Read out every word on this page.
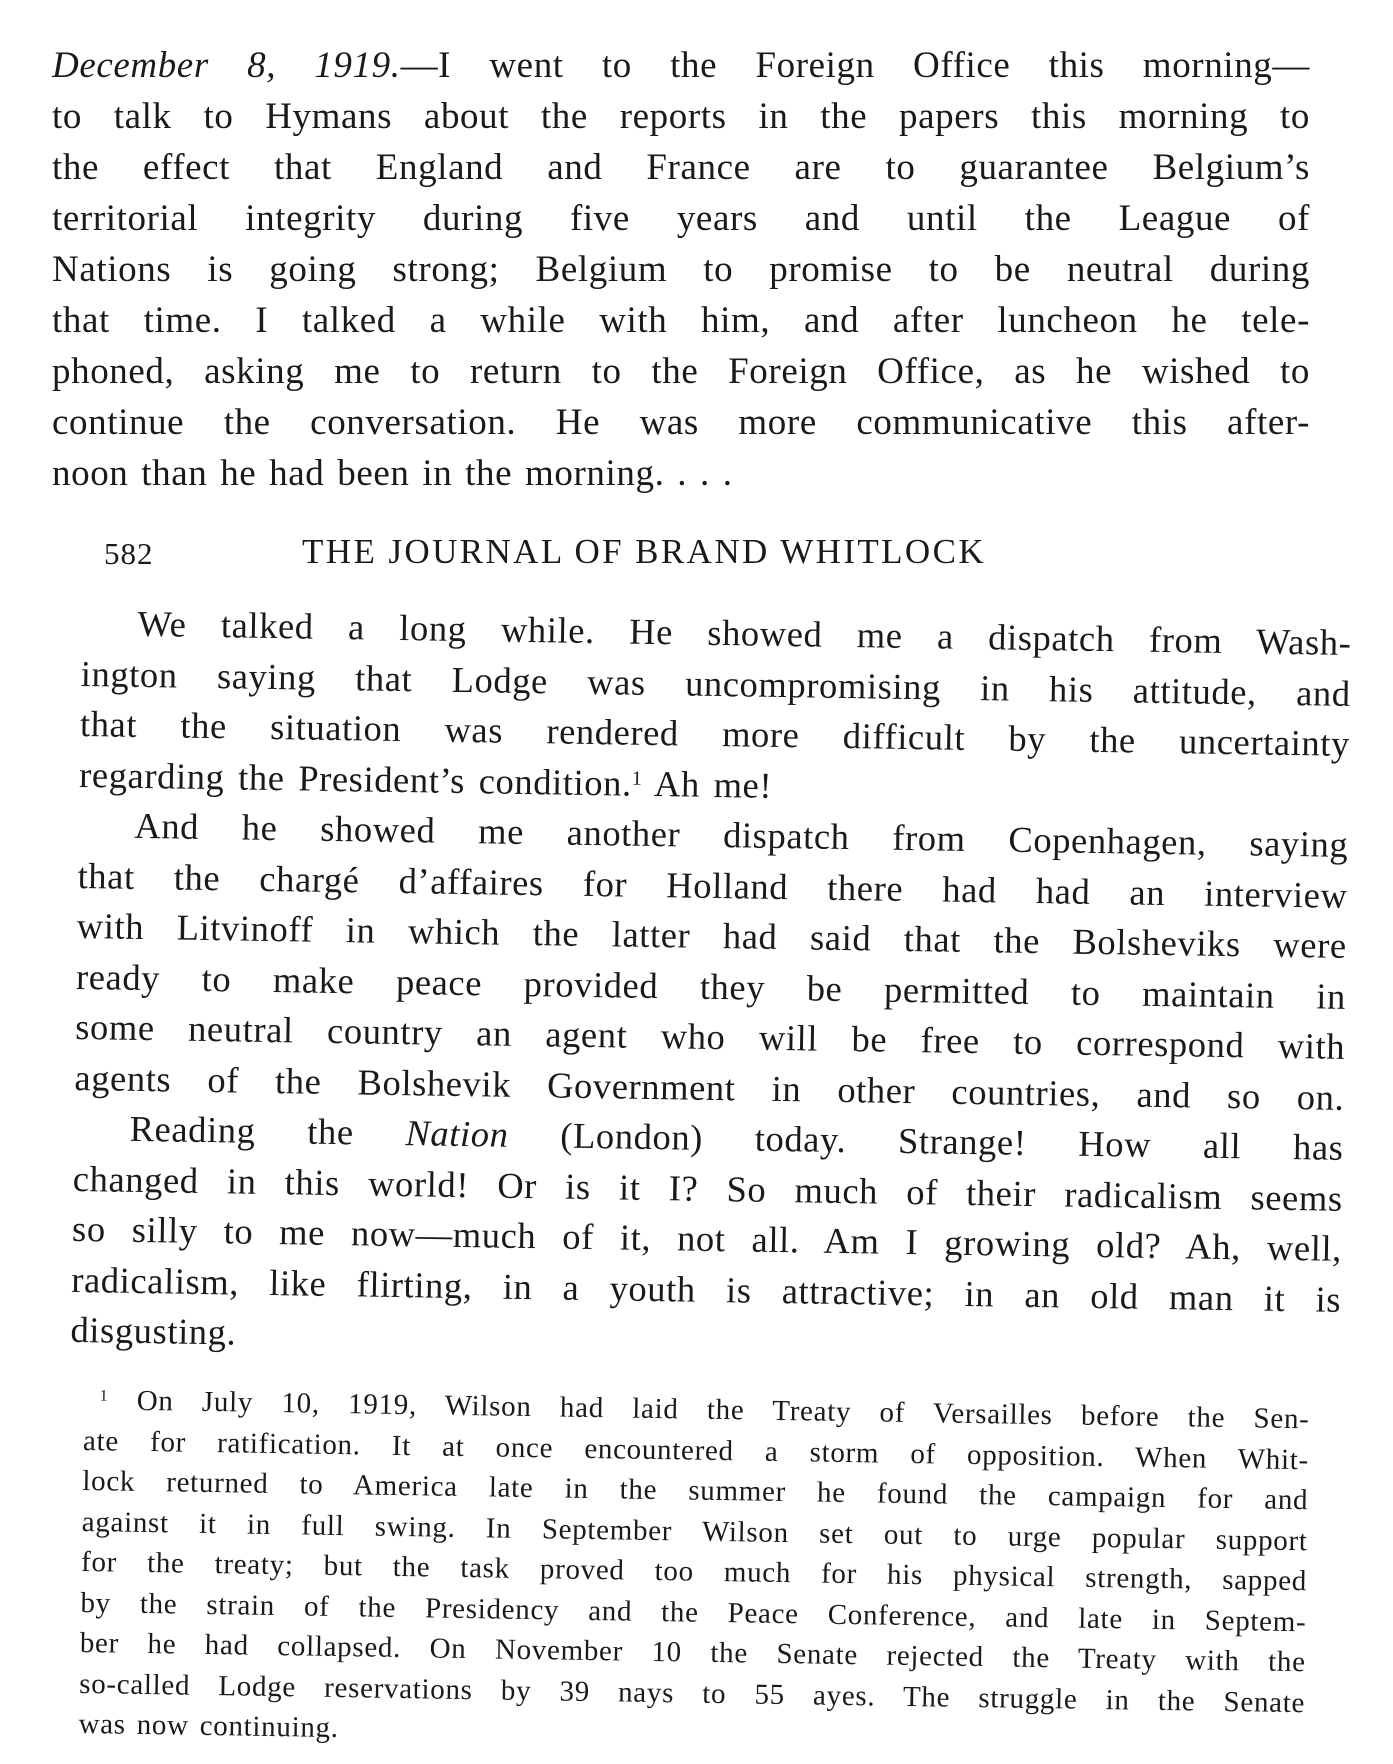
December 8, 1919.—I went to the Foreign Office this morning—
to talk to Hymans about the reports in the papers this morning to
the effect that England and France are to guarantee Belgium’s
territorial integrity during five years and until the League of
Nations is going strong; Belgium to promise to be neutral during
that time. I talked a while with him, and after luncheon he tele-
phoned, asking me to return to the Foreign Office, as he wished to
continue the conversation. He was more communicative this after-
noon than he had been in the morning. . . .
582	THE JOURNAL OF BRAND WHITLOCK
We talked a long while. He showed me a dispatch from Wash-
ington saying that Lodge was uncompromising in his attitude, and
that the situation was rendered more difficult by the uncertainty
regarding the President’s condition.$^1$ Ah me!
And he showed me another dispatch from Copenhagen, saying
that the chargé d’affaires for Holland there had had an interview
with Litvinoff in which the latter had said that the Bolsheviks were
ready to make peace provided they be permitted to maintain in
some neutral country an agent who will be free to correspond with
agents of the Bolshevik Government in other countries, and so on.
Reading the Nation (London) today. Strange! How all has
changed in this world! Or is it I? So much of their radicalism seems
so silly to me now—much of it, not all. Am I growing old? Ah, well,
radicalism, like flirting, in a youth is attractive; in an old man it is
disgusting.
$^1$ On July 10, 1919, Wilson had laid the Treaty of Versailles before the Sen-
ate for ratification. It at once encountered a storm of opposition. When Whit-
lock returned to America late in the summer he found the campaign for and
against it in full swing. In September Wilson set out to urge popular support
for the treaty; but the task proved too much for his physical strength, sapped
by the strain of the Presidency and the Peace Conference, and late in Septem-
ber he had collapsed. On November 10 the Senate rejected the Treaty with the
so-called Lodge reservations by 39 nays to 55 ayes. The struggle in the Senate
was now continuing.
